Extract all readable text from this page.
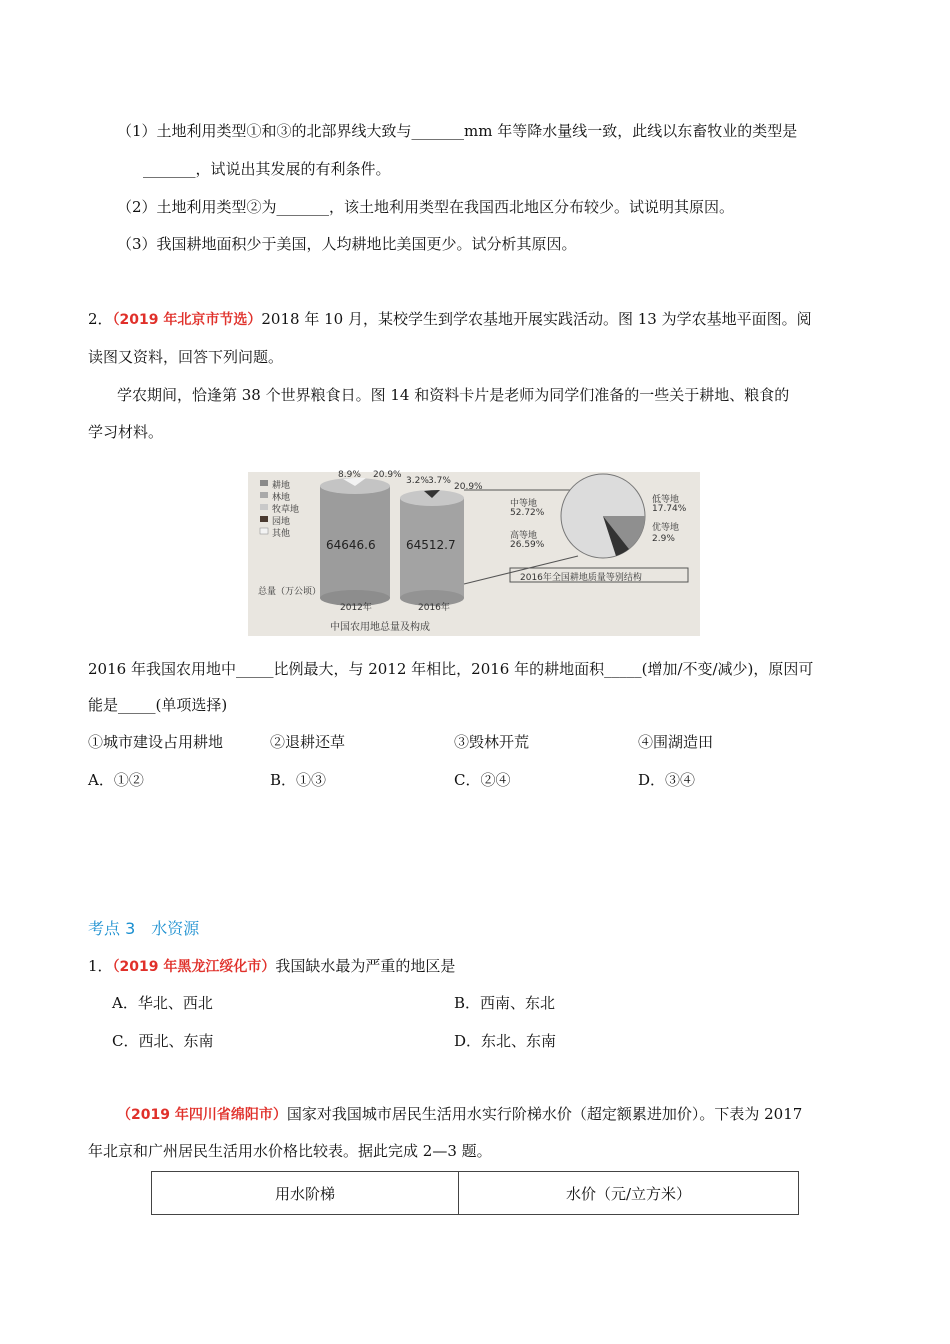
（1）土地利用类型①和③的北部界线大致与_______mm 年等降水量线一致，此线以东畜牧业的类型是
_______，试说出其发展的有利条件。
（2）土地利用类型②为_______，该土地利用类型在我国西北地区分布较少。试说明其原因。
（3）我国耕地面积少于美国，人均耕地比美国更少。试分析其原因。
2．（2019 年北京市节选）2018 年 10 月，某校学生到学农基地开展实践活动。图 13 为学农基地平面图。阅
读图又资料，回答下列问题。
学农期间，恰逢第 38 个世界粮食日。图 14 和资料卡片是老师为同学们准备的一些关于耕地、粮食的
学习材料。
耕地
林地
牧草地
园地
其他
8.9% 20.9%
3.2% 3.7%
20.9%
64646.6	64512.7
总量（万公顷）
2012年	2016年
中国农用地总量及构成
中等地
52.72%
高等地
26.59%
低等地
17.74%
优等地
2.9%
2016年全国耕地质量等别结构
2016 年我国农用地中_____比例最大，与 2012 年相比，2016 年的耕地面积_____(增加/不变/减少)，原因可
能是_____(单项选择)
①城市建设占用耕地	②退耕还草	③毁林开荒	④围湖造田
A．①②	B．①③	C．②④	D．③④
考点 3　水资源
1．（2019 年黑龙江绥化市）我国缺水最为严重的地区是
A．华北、西北	B．西南、东北
C．西北、东南	D．东北、东南
（2019 年四川省绵阳市）国家对我国城市居民生活用水实行阶梯水价（超定额累进加价）。下表为 2017
年北京和广州居民生活用水价格比较表。据此完成 2—3 题。
用水阶梯	水价（元/立方米）
